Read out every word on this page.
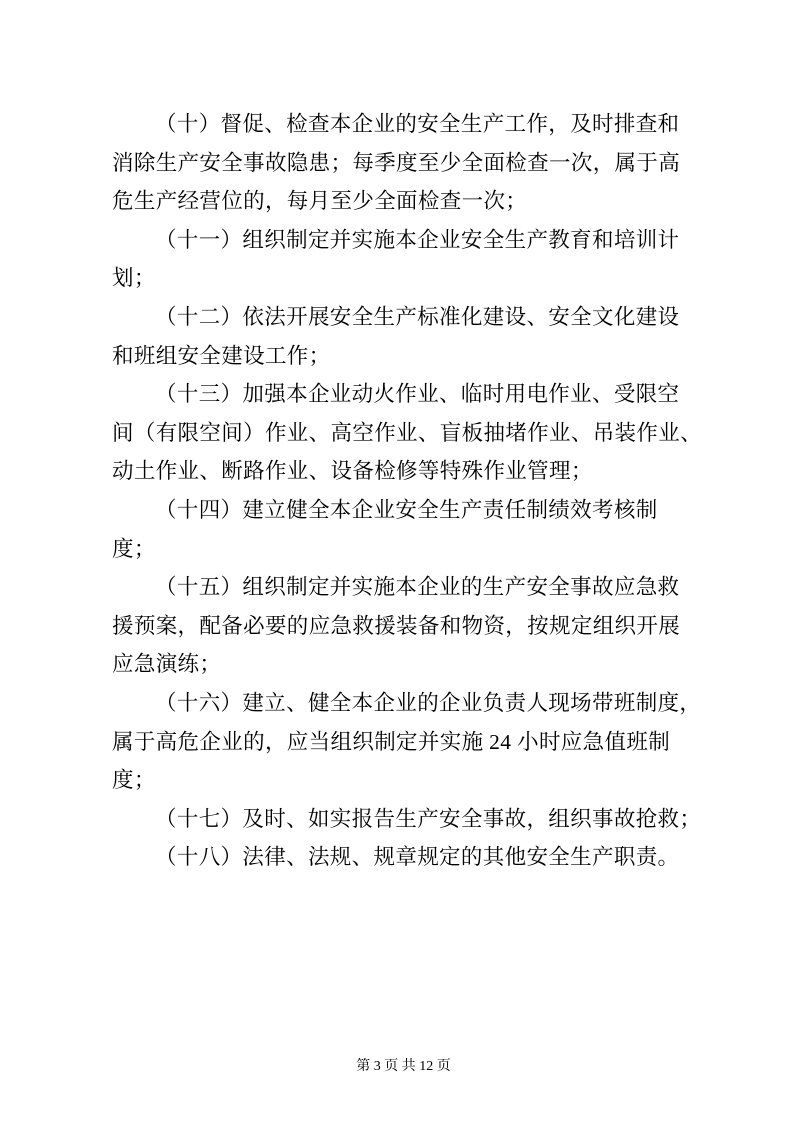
（十）督促、检查本企业的安全生产工作，及时排查和
消除生产安全事故隐患；每季度至少全面检查一次，属于高
危生产经营位的，每月至少全面检查一次；
（十一）组织制定并实施本企业安全生产教育和培训计
划；
（十二）依法开展安全生产标准化建设、安全文化建设
和班组安全建设工作；
（十三）加强本企业动火作业、临时用电作业、受限空
间（有限空间）作业、高空作业、盲板抽堵作业、吊装作业、
动土作业、断路作业、设备检修等特殊作业管理；
（十四）建立健全本企业安全生产责任制绩效考核制
度；
（十五）组织制定并实施本企业的生产安全事故应急救
援预案，配备必要的应急救援装备和物资，按规定组织开展
应急演练；
（十六）建立、健全本企业的企业负责人现场带班制度，
属于高危企业的，应当组织制定并实施 24 小时应急值班制
度；
（十七）及时、如实报告生产安全事故，组织事故抢救；
（十八）法律、法规、规章规定的其他安全生产职责。

第 3 页 共 12 页
